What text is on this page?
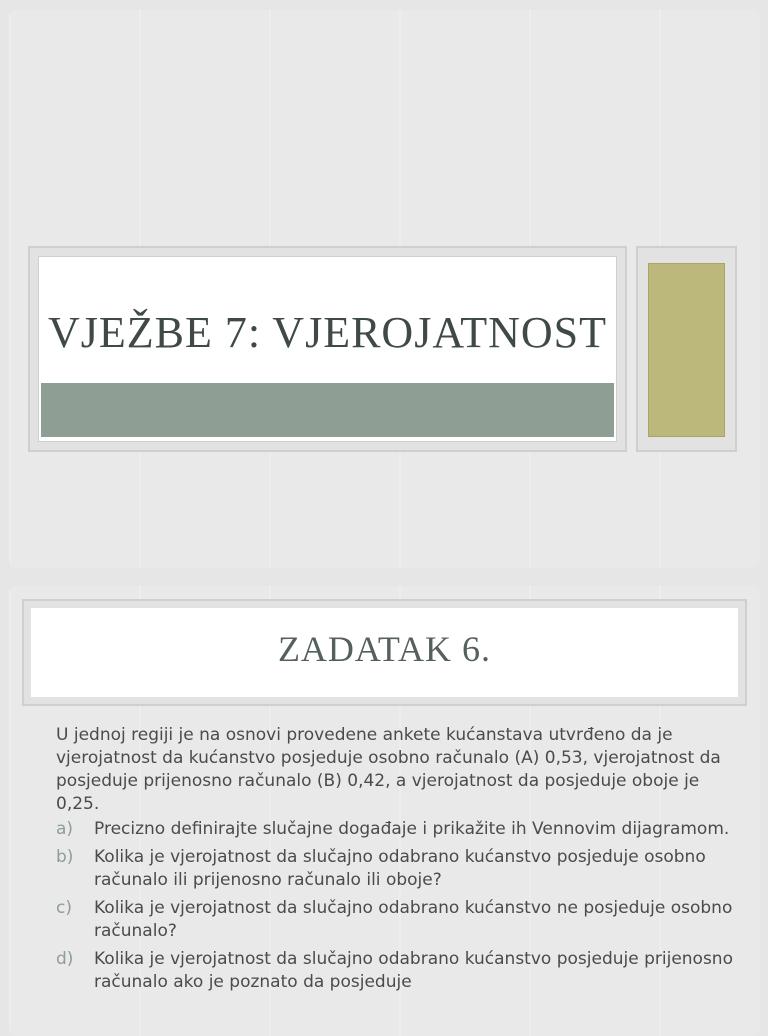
VJEŽBE 7: VJEROJATNOST
ZADATAK 6.

U jednoj regiji je na osnovi provedene ankete kućanstava utvrđeno da je vjerojatnost da kućanstvo posjeduje osobno računalo (A) 0,53, vjerojatnost da posjeduje prijenosno računalo (B) 0,42, a vjerojatnost da posjeduje oboje je 0,25.

a)	Precizno definirajte slučajne događaje i prikažite ih Vennovim dijagramom.
b)	Kolika je vjerojatnost da slučajno odabrano kućanstvo posjeduje osobno računalo ili prijenosno računalo ili oboje?
c)	Kolika je vjerojatnost da slučajno odabrano kućanstvo ne posjeduje osobno računalo?
d)	Kolika je vjerojatnost da slučajno odabrano kućanstvo posjeduje prijenosno računalo ako je poznato da posjeduje
